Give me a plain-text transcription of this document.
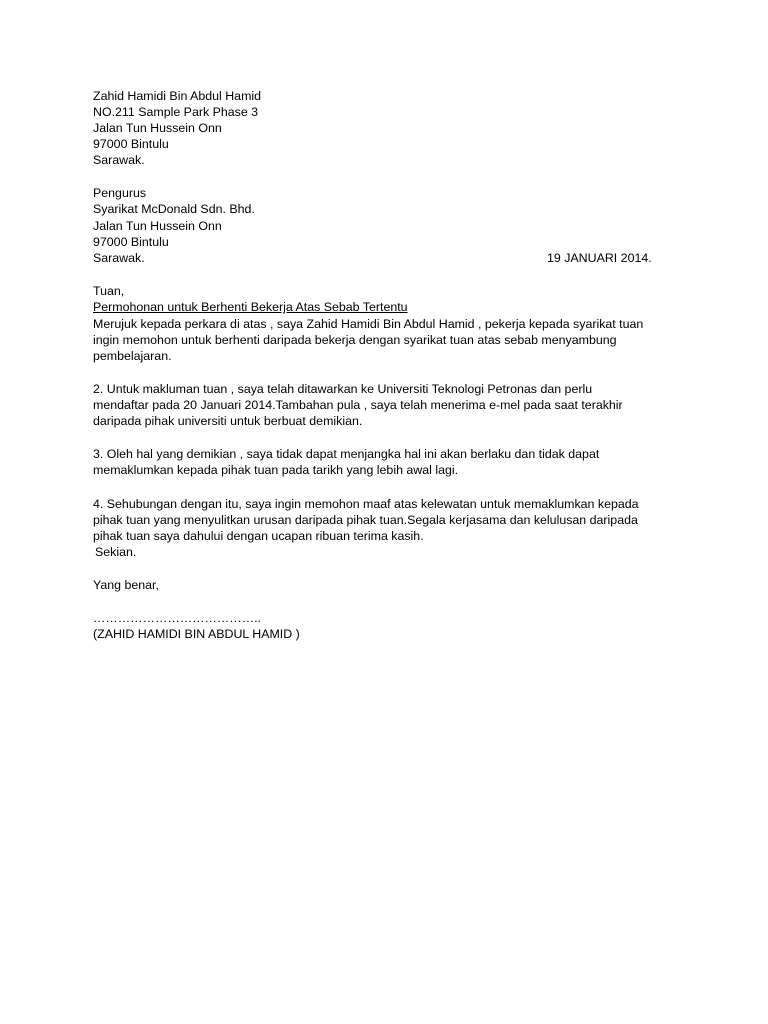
Zahid Hamidi Bin Abdul Hamid
NO.211 Sample Park Phase 3
Jalan Tun Hussein Onn
97000 Bintulu
Sarawak.
Pengurus
Syarikat McDonald Sdn. Bhd.
Jalan Tun Hussein Onn
97000 Bintulu
Sarawak.	19 JANUARI 2014.
Tuan,
Permohonan untuk Berhenti Bekerja Atas Sebab Tertentu
Merujuk kepada perkara di atas , saya Zahid Hamidi Bin Abdul Hamid , pekerja kepada syarikat tuan
ingin memohon untuk berhenti daripada bekerja dengan syarikat tuan atas sebab menyambung
pembelajaran.
2. Untuk makluman tuan , saya telah ditawarkan ke Universiti Teknologi Petronas dan perlu
mendaftar pada 20 Januari 2014.Tambahan pula , saya telah menerima e-mel pada saat terakhir
daripada pihak universiti untuk berbuat demikian.
3. Oleh hal yang demikian , saya tidak dapat menjangka hal ini akan berlaku dan tidak dapat
memaklumkan kepada pihak tuan pada tarikh yang lebih awal lagi.
4. Sehubungan dengan itu, saya ingin memohon maaf atas kelewatan untuk memaklumkan kepada
pihak tuan yang menyulitkan urusan daripada pihak tuan.Segala kerjasama dan kelulusan daripada
pihak tuan saya dahului dengan ucapan ribuan terima kasih.
Sekian.
Yang benar,
…………………………………..
(ZAHID HAMIDI BIN ABDUL HAMID )
